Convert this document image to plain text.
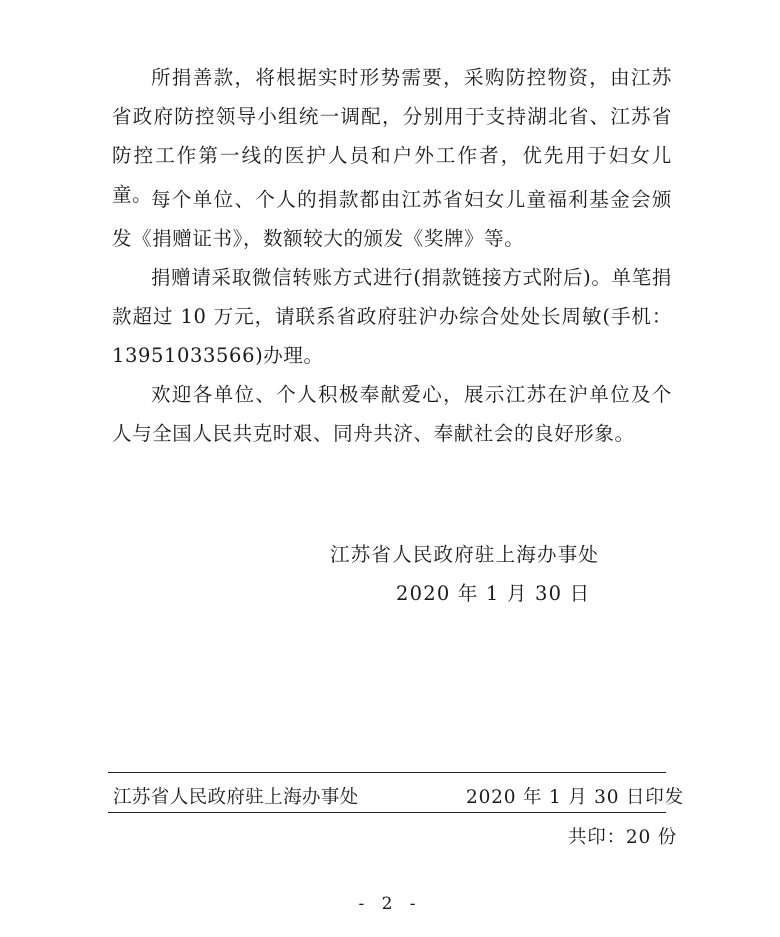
所捐善款，将根据实时形势需要，采购防控物资，由江苏省政府防控领导小组统一调配，分别用于支持湖北省、江苏省防控工作第一线的医护人员和户外工作者，优先用于妇女儿童。

每个单位、个人的捐款都由江苏省妇女儿童福利基金会颁发《捐赠证书》，数额较大的颁发《奖牌》等。

捐赠请采取微信转账方式进行(捐款链接方式附后)。单笔捐款超过 10 万元，请联系省政府驻沪办综合处处长周敏(手机：13951033566)办理。

欢迎各单位、个人积极奉献爱心，展示江苏在沪单位及个人与全国人民共克时艰、同舟共济、奉献社会的良好形象。

江苏省人民政府驻上海办事处
2020 年 1 月 30 日
江苏省人民政府驻上海办事处	2020 年 1 月 30 日印发
共印：20 份
- 2 -
